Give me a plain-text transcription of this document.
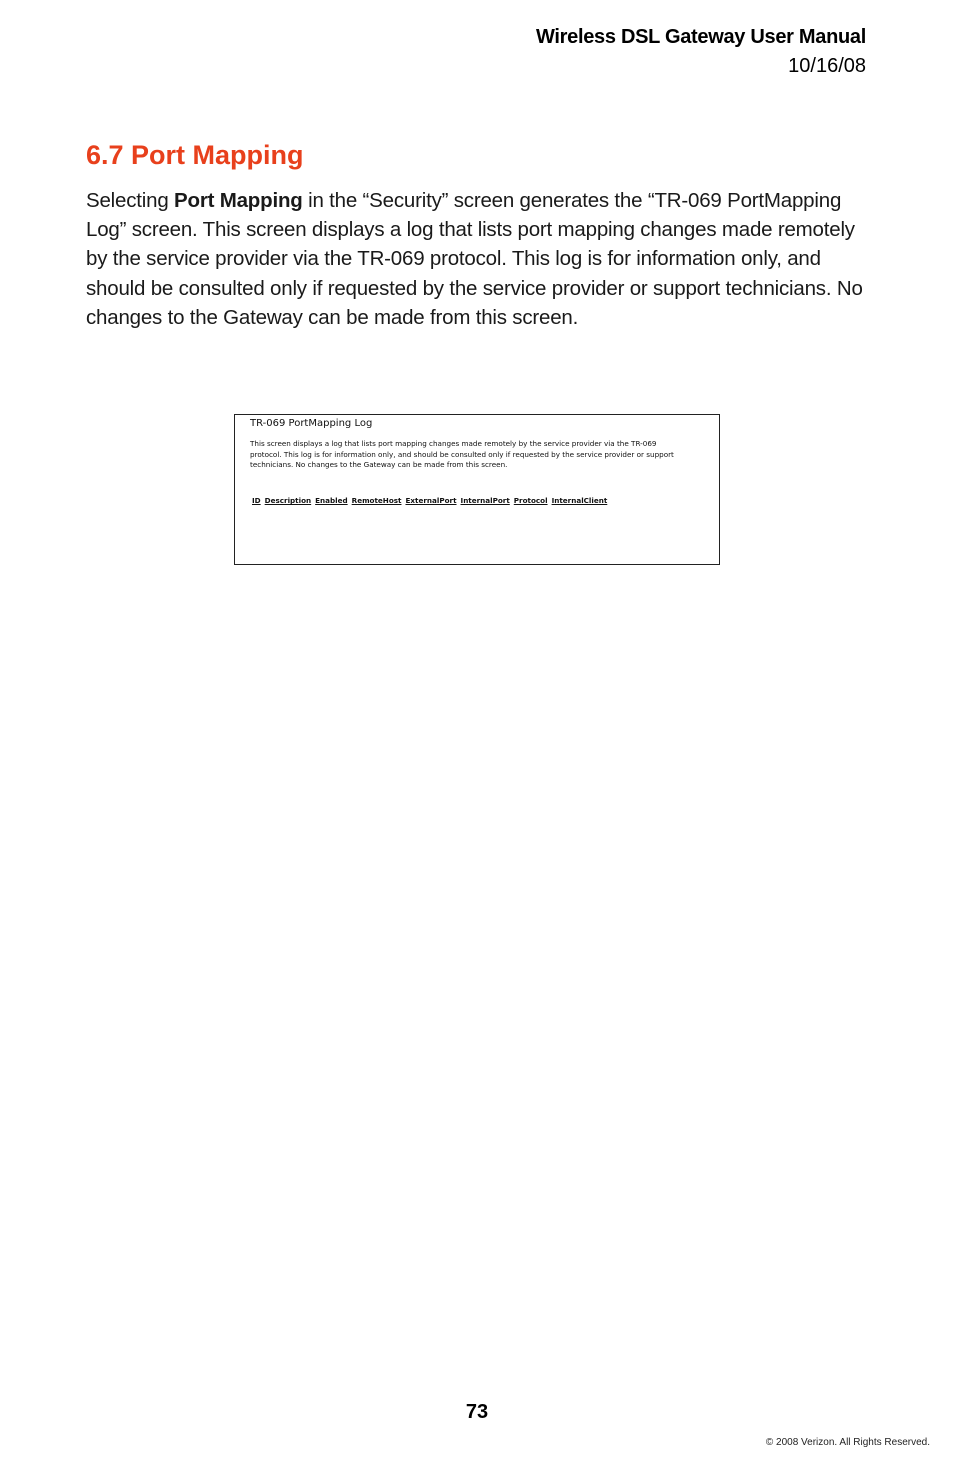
Wireless DSL Gateway User Manual
10/16/08
6.7 Port Mapping

Selecting Port Mapping in the “Security” screen generates the “TR-069 PortMapping Log” screen. This screen displays a log that lists port mapping changes made remotely by the service provider via the TR-069 protocol. This log is for information only, and should be consulted only if requested by the service provider or support technicians. No changes to the Gateway can be made from this screen.

TR-069 PortMapping Log

This screen displays a log that lists port mapping changes made remotely by the service provider via the TR-069 protocol. This log is for information only, and should be consulted only if requested by the service provider or support technicians. No changes to the Gateway can be made from this screen.

ID Description Enabled RemoteHost ExternalPort InternalPort Protocol InternalClient
73
© 2008 Verizon. All Rights Reserved.
